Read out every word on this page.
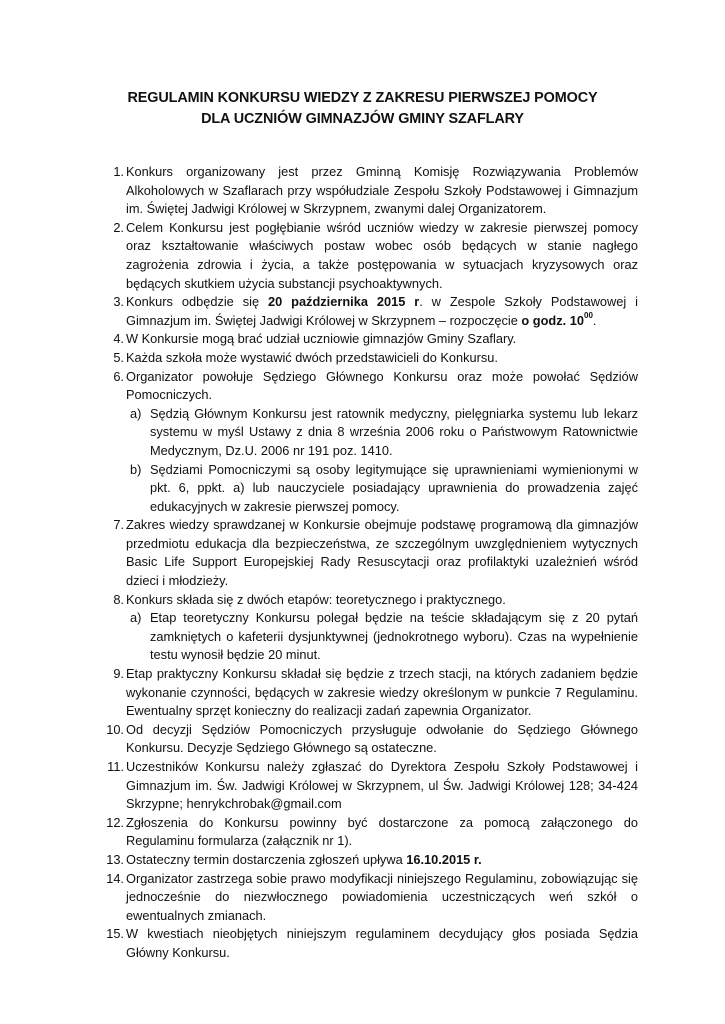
REGULAMIN KONKURSU WIEDZY Z ZAKRESU PIERWSZEJ POMOCY
DLA UCZNIÓW GIMNAZJÓW GMINY SZAFLARY
1. Konkurs organizowany jest przez Gminną Komisję Rozwiązywania Problemów Alkoholowych w Szaflarach przy współudziale Zespołu Szkoły Podstawowej i Gimnazjum im. Świętej Jadwigi Królowej w Skrzypnem, zwanymi dalej Organizatorem.
2. Celem Konkursu jest pogłębianie wśród uczniów wiedzy w zakresie pierwszej pomocy oraz kształtowanie właściwych postaw wobec osób będących w stanie nagłego zagrożenia zdrowia i życia, a także postępowania w sytuacjach kryzysowych oraz będących skutkiem użycia substancji psychoaktywnych.
3. Konkurs odbędzie się 20 października 2015 r. w Zespole Szkoły Podstawowej i Gimnazjum im. Świętej Jadwigi Królowej w Skrzypnem – rozpoczęcie o godz. $10^{00}$.
4. W Konkursie mogą brać udział uczniowie gimnazjów Gminy Szaflary.
5. Każda szkoła może wystawić dwóch przedstawicieli do Konkursu.
6. Organizator powołuje Sędziego Głównego Konkursu oraz może powołać Sędziów Pomocniczych.
a) Sędzią Głównym Konkursu jest ratownik medyczny, pielęgniarka systemu lub lekarz systemu w myśl Ustawy z dnia 8 września 2006 roku o Państwowym Ratownictwie Medycznym, Dz.U. 2006 nr 191 poz. 1410.
b) Sędziami Pomocniczymi są osoby legitymujące się uprawnieniami wymienionymi w pkt. 6, ppkt. a) lub nauczyciele posiadający uprawnienia do prowadzenia zajęć edukacyjnych w zakresie pierwszej pomocy.
7. Zakres wiedzy sprawdzanej w Konkursie obejmuje podstawę programową dla gimnazjów przedmiotu edukacja dla bezpieczeństwa, ze szczególnym uwzględnieniem wytycznych Basic Life Support Europejskiej Rady Resuscytacji oraz profilaktyki uzależnień wśród dzieci i młodzieży.
8. Konkurs składa się z dwóch etapów: teoretycznego i praktycznego.
a) Etap teoretyczny Konkursu polegał będzie na teście składającym się z 20 pytań zamkniętych o kafeterii dysjunktywnej (jednokrotnego wyboru). Czas na wypełnienie testu wynosił będzie 20 minut.
9. Etap praktyczny Konkursu składał się będzie z trzech stacji, na których zadaniem będzie wykonanie czynności, będących w zakresie wiedzy określonym w punkcie 7 Regulaminu. Ewentualny sprzęt konieczny do realizacji zadań zapewnia Organizator.
10. Od decyzji Sędziów Pomocniczych przysługuje odwołanie do Sędziego Głównego Konkursu. Decyzje Sędziego Głównego są ostateczne.
11. Uczestników Konkursu należy zgłaszać do Dyrektora Zespołu Szkoły Podstawowej i Gimnazjum im. Św. Jadwigi Królowej w Skrzypnem, ul Św. Jadwigi Królowej 128; 34-424 Skrzypne; henrykchrobak@gmail.com
12. Zgłoszenia do Konkursu powinny być dostarczone za pomocą załączonego do Regulaminu formularza (załącznik nr 1).
13. Ostateczny termin dostarczenia zgłoszeń upływa 16.10.2015 r.
14. Organizator zastrzega sobie prawo modyfikacji niniejszego Regulaminu, zobowiązując się jednocześnie do niezwłocznego powiadomienia uczestniczących weń szkół o ewentualnych zmianach.
15. W kwestiach nieobjętych niniejszym regulaminem decydujący głos posiada Sędzia Główny Konkursu.
